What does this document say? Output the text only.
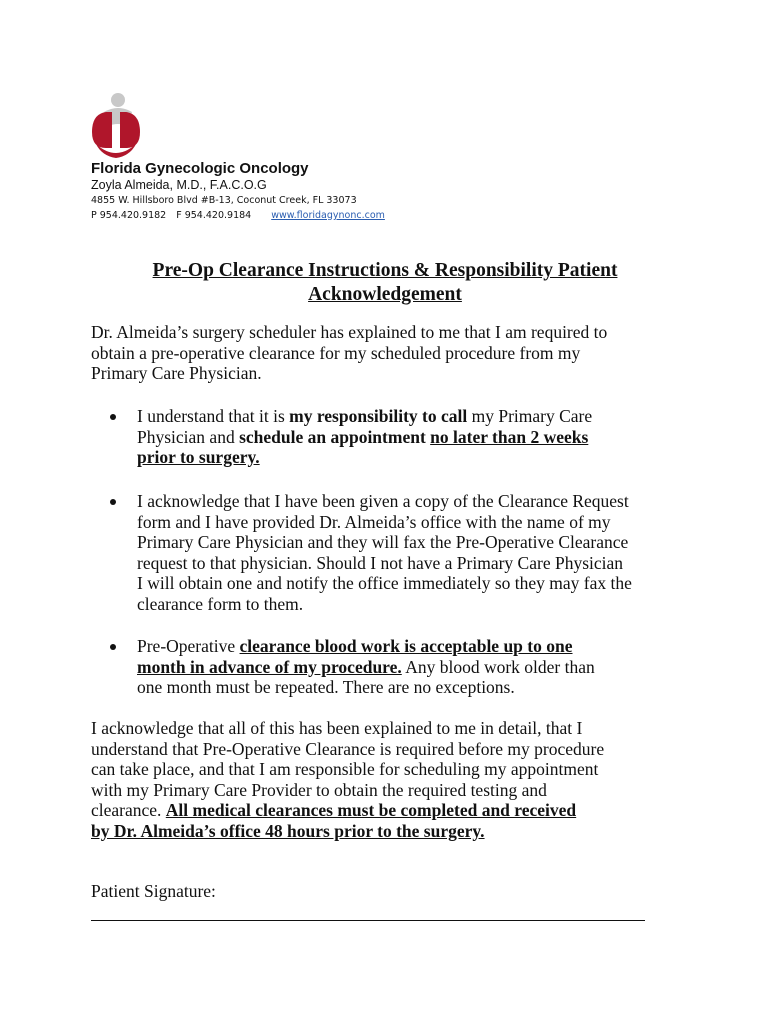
Florida Gynecologic Oncology
Zoyla Almeida, M.D., F.A.C.O.G
4855 W. Hillsboro Blvd #B-13, Coconut Creek, FL 33073
P 954.420.9182 F 954.420.9184 www.floridagynonc.com
Pre-Op Clearance Instructions & Responsibility Patient
Acknowledgement
Dr. Almeida’s surgery scheduler has explained to me that I am required to
obtain a pre-operative clearance for my scheduled procedure from my
Primary Care Physician.
I understand that it is my responsibility to call my Primary Care
Physician and schedule an appointment no later than 2 weeks
prior to surgery.
I acknowledge that I have been given a copy of the Clearance Request
form and I have provided Dr. Almeida’s office with the name of my
Primary Care Physician and they will fax the Pre-Operative Clearance
request to that physician. Should I not have a Primary Care Physician
I will obtain one and notify the office immediately so they may fax the
clearance form to them.
Pre-Operative clearance blood work is acceptable up to one
month in advance of my procedure. Any blood work older than
one month must be repeated. There are no exceptions.
I acknowledge that all of this has been explained to me in detail, that I
understand that Pre-Operative Clearance is required before my procedure
can take place, and that I am responsible for scheduling my appointment
with my Primary Care Provider to obtain the required testing and
clearance. All medical clearances must be completed and received
by Dr. Almeida’s office 48 hours prior to the surgery.
Patient Signature:
